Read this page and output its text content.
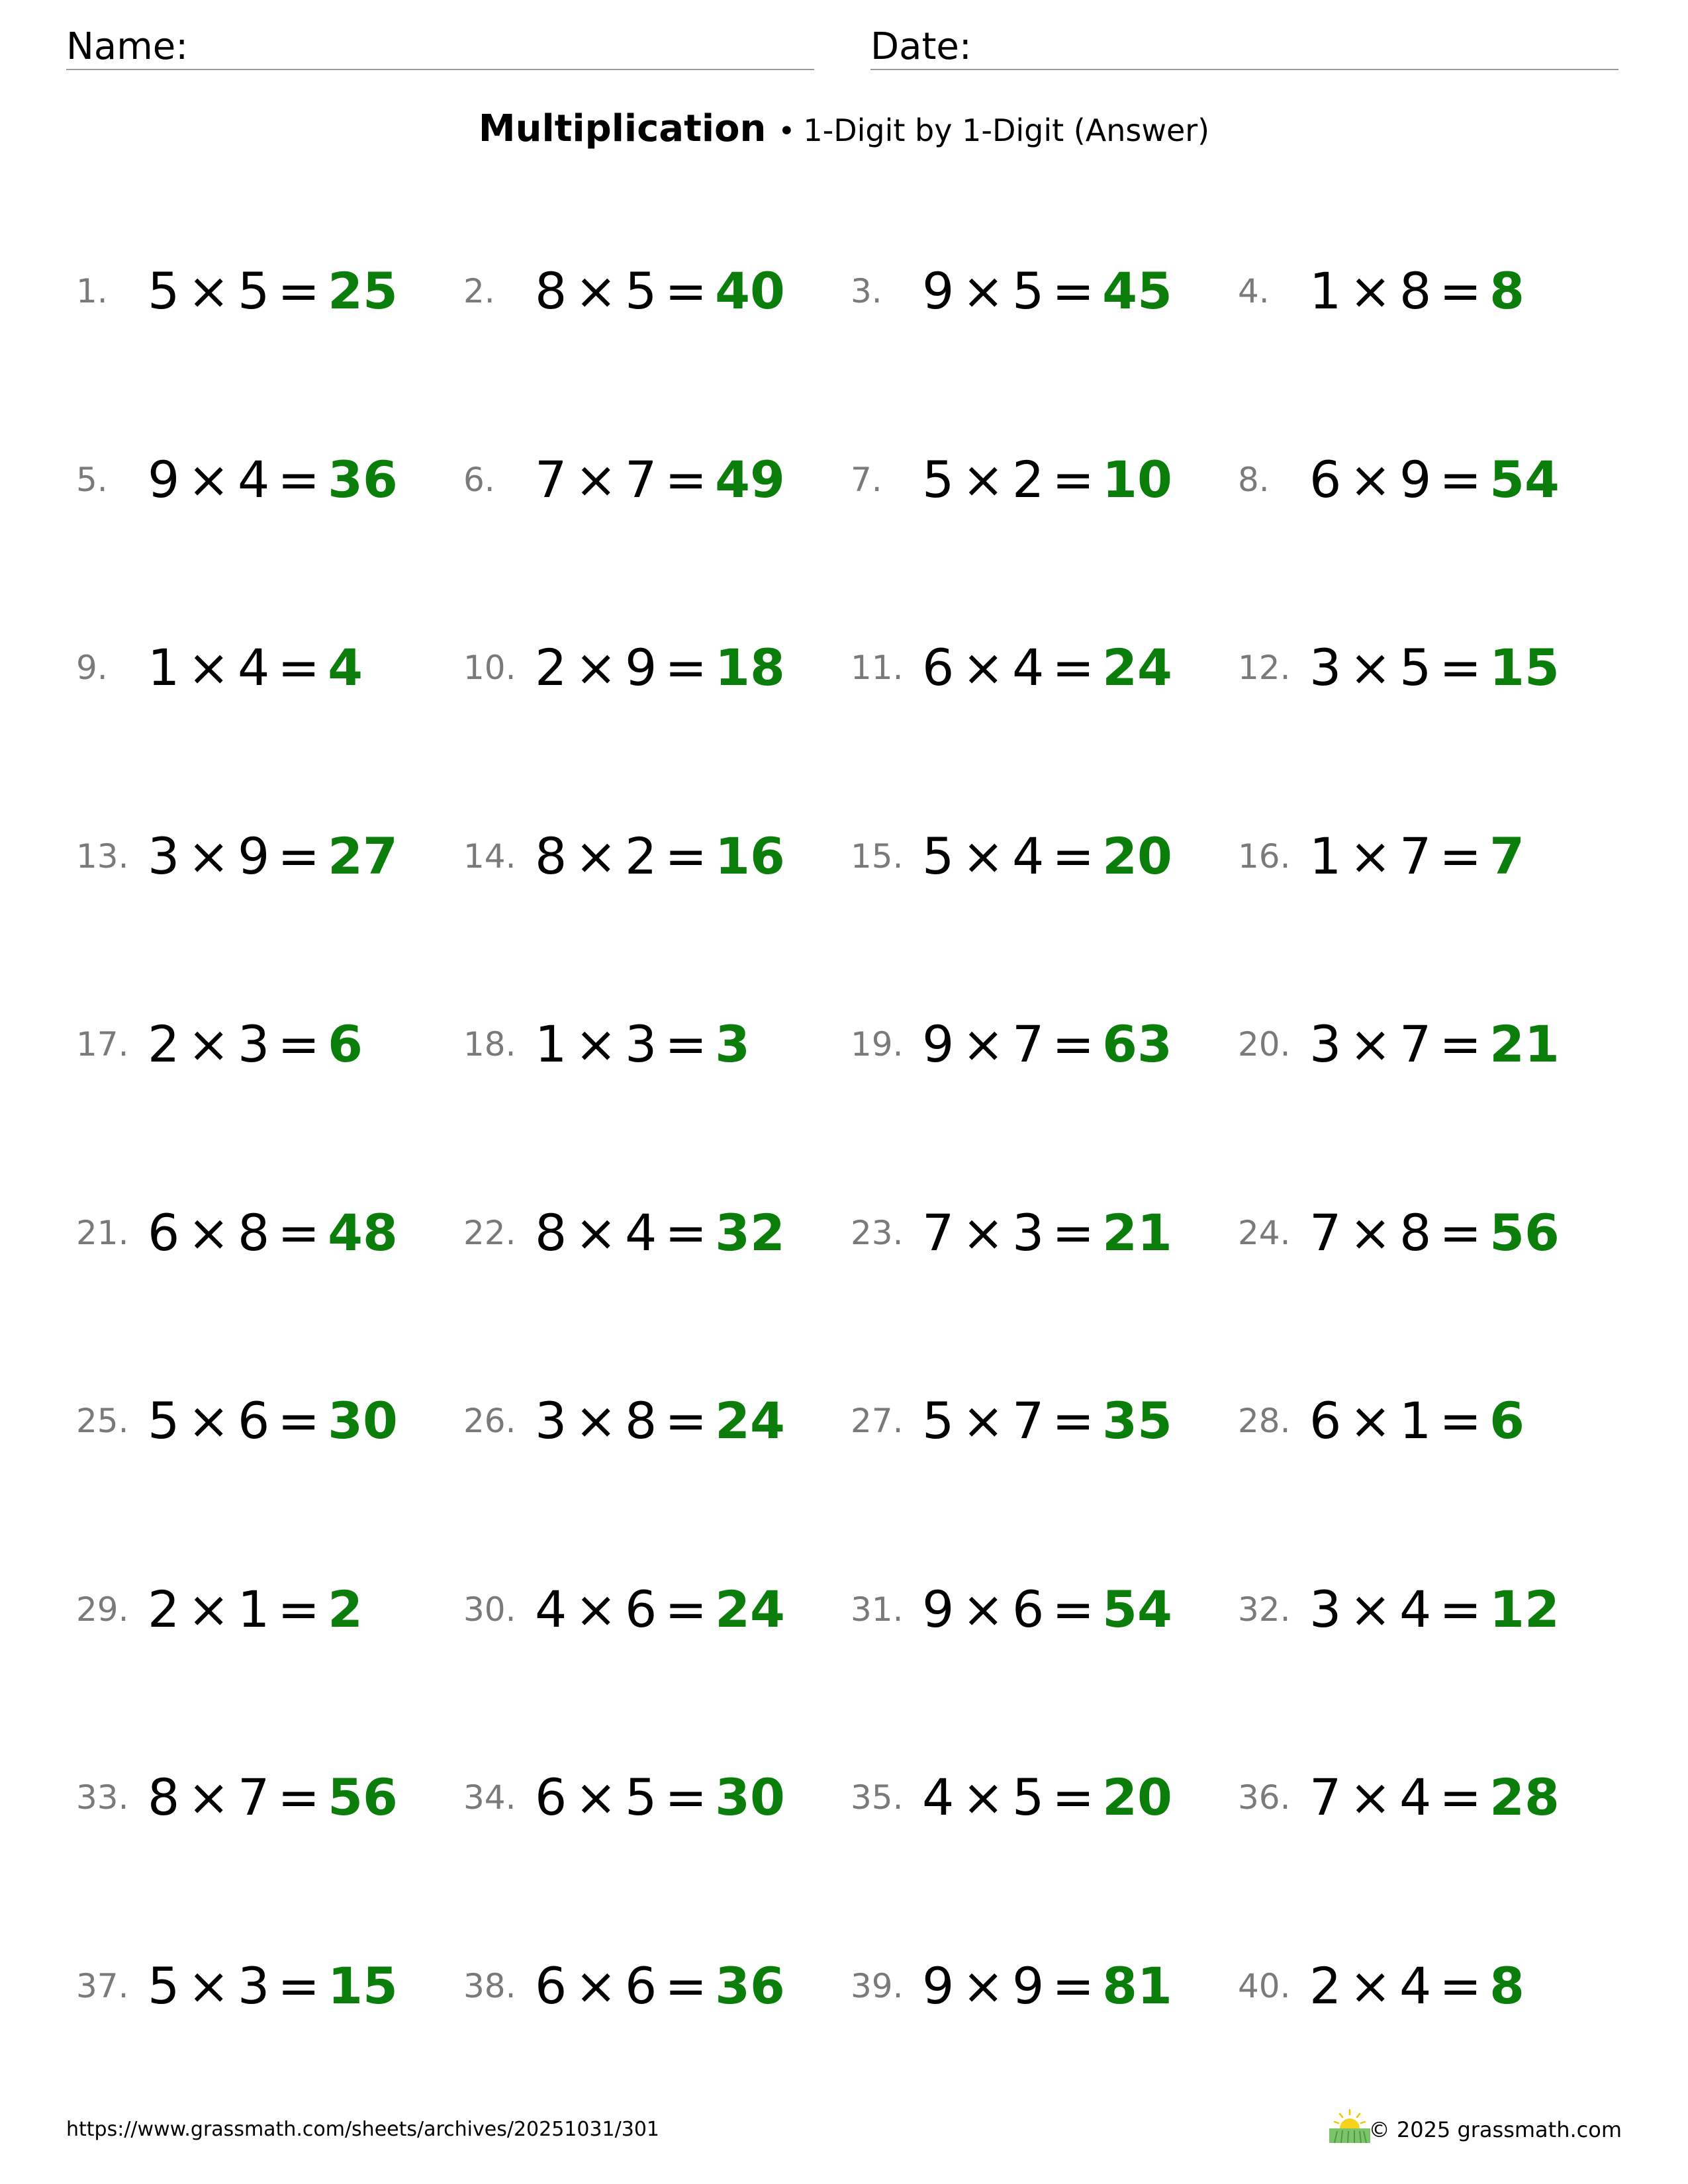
Name:	Date:
Multiplication • 1-Digit by 1-Digit (Answer)
1. 5 × 5 = 25 2. 8 × 5 = 40 3. 9 × 5 = 45 4. 1 × 8 = 8
5. 9 × 4 = 36 6. 7 × 7 = 49 7. 5 × 2 = 10 8. 6 × 9 = 54
9. 1 × 4 = 4	10. 2 × 9 = 18 11. 6 × 4 = 24 12. 3 × 5 = 15
13. 3 × 9 = 27 14. 8 × 2 = 16 15. 5 × 4 = 20 16. 1 × 7 = 7
17. 2 × 3 = 6	18. 1 × 3 = 3	19. 9 × 7 = 63 20. 3 × 7 = 21
21. 6 × 8 = 48 22. 8 × 4 = 32 23. 7 × 3 = 21 24. 7 × 8 = 56
25. 5 × 6 = 30 26. 3 × 8 = 24 27. 5 × 7 = 35 28. 6 × 1 = 6
29. 2 × 1 = 2	30. 4 × 6 = 24 31. 9 × 6 = 54 32. 3 × 4 = 12
33. 8 × 7 = 56 34. 6 × 5 = 30 35. 4 × 5 = 20 36. 7 × 4 = 28
37. 5 × 3 = 15 38. 6 × 6 = 36 39. 9 × 9 = 81 40. 2 × 4 = 8
https://www.grassmath.com/sheets/archives/20251031/301	© 2025 grassmath.com
